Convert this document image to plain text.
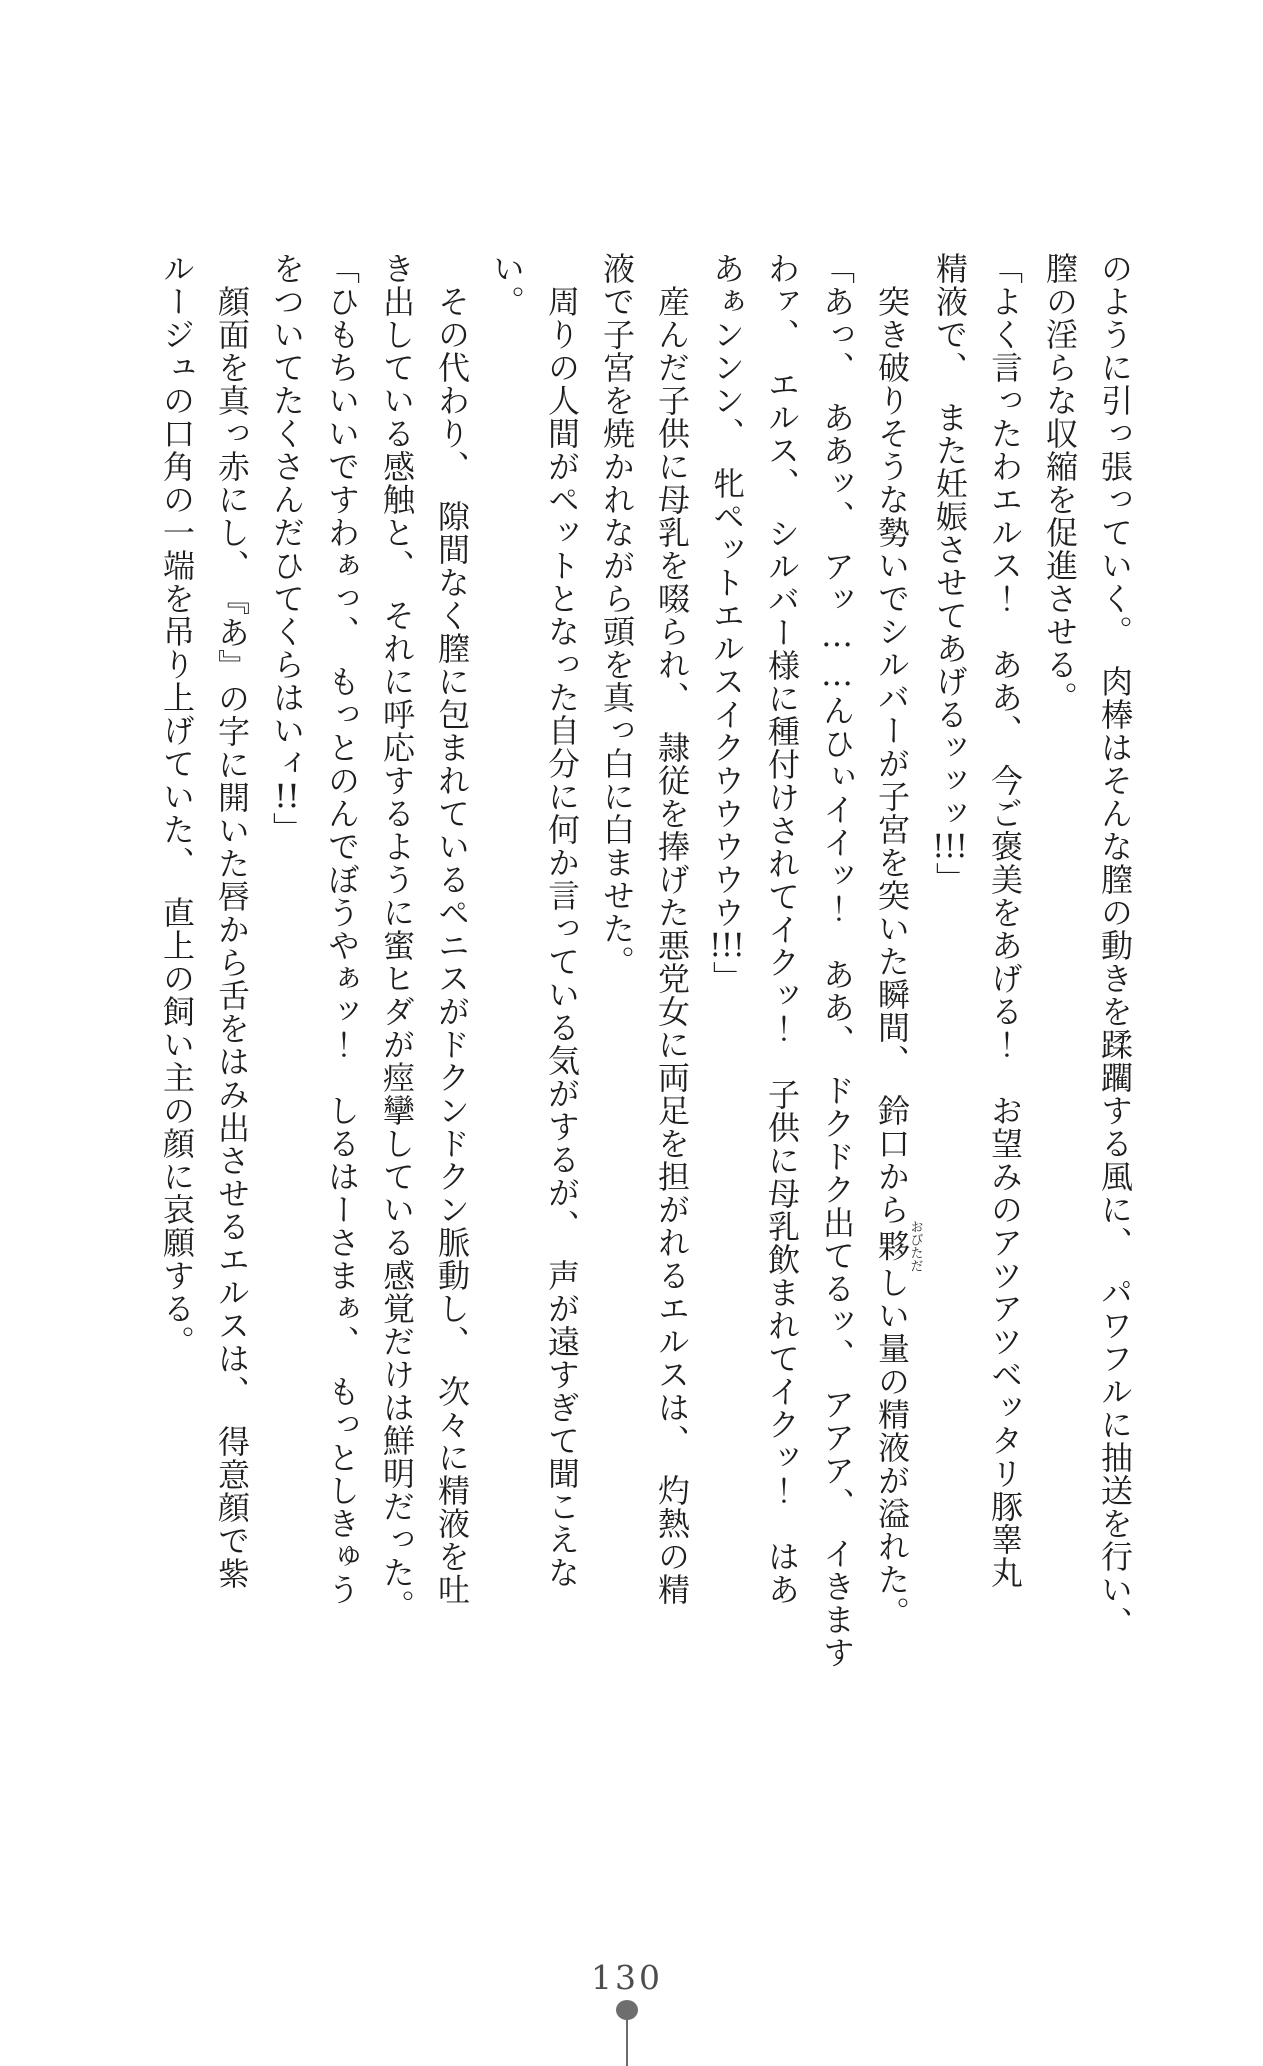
のように引っ張っていく。　肉棒はそんな膣の動きを蹂躙する風に、　パワフルに抽送を行い、
膣の淫らな収縮を促進させる。
「よく言ったわエルス！　ああ、　今ご褒美をあげる！　お望みのアツアツベッタリ豚睾丸
精液で、　また妊娠させてあげるッッッ!!!」
　突き破りそうな勢いでシルバーが子宮を突いた瞬間、　鈴口から夥おびただしい量の精液が溢れた。
「あっ、　ああッ、　アッ……んひぃイイッ！　ああ、　ドクドク出てるッ、　アアア、　イきます
わァ、　エルス、　シルバー様に種付けされてイクッ！　子供に母乳飲まれてイクッ！　はあ
あぁンンン、　牝ペットエルスイクウウウウウ!!!」
　産んだ子供に母乳を啜られ、　隷従を捧げた悪党女に両足を担がれるエルスは、　灼熱の精
液で子宮を焼かれながら頭を真っ白に白ませた。
　周りの人間がペットとなった自分に何か言っている気がするが、　声が遠すぎて聞こえな
い。
　その代わり、　隙間なく膣に包まれているペニスがドクンドクン脈動し、　次々に精液を吐
き出している感触と、　それに呼応するように蜜ヒダが痙攣している感覚だけは鮮明だった。
「ひもちいいですわぁっ、　もっとのんでぼうやぁッ！　しるはーさまぁ、　もっとしきゅう
をついてたくさんだひてくらはいィ!!」
　顔面を真っ赤にし、　『あ』の字に開いた唇から舌をはみ出させるエルスは、　得意顔で紫
ルージュの口角の一端を吊り上げていた、　直上の飼い主の顔に哀願する。
130
